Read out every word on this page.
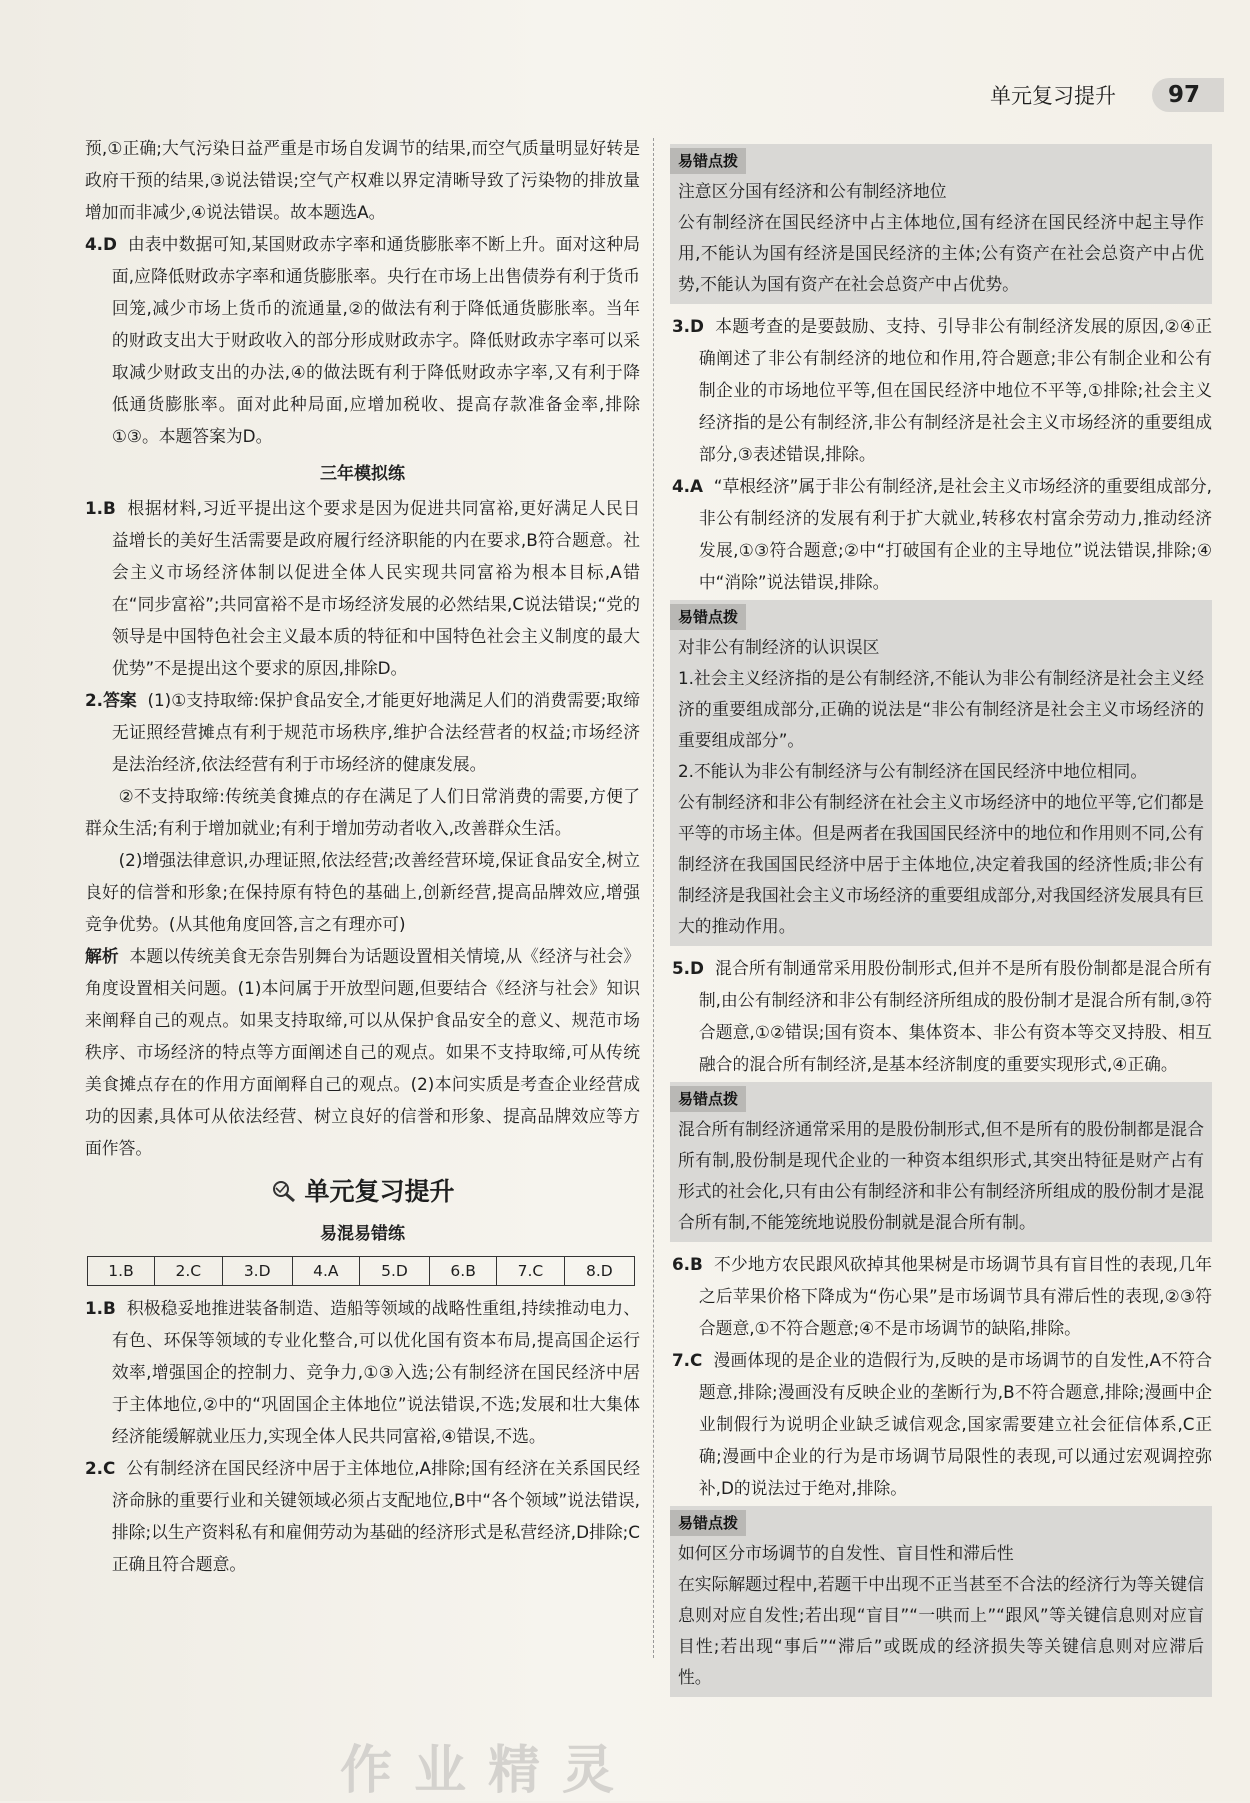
单元复习提升	97

预,①正确;大气污染日益严重是市场自发调节的结果,而空气质量明显好转是政府干预的结果,③说法错误;空气产权难以界定清晰导致了污染物的排放量增加而非减少,④说法错误。故本题选A。

4.D 由表中数据可知,某国财政赤字率和通货膨胀率不断上升。面对这种局面,应降低财政赤字率和通货膨胀率。央行在市场上出售债券有利于货币回笼,减少市场上货币的流通量,②的做法有利于降低通货膨胀率。当年的财政支出大于财政收入的部分形成财政赤字。降低财政赤字率可以采取减少财政支出的办法,④的做法既有利于降低财政赤字率,又有利于降低通货膨胀率。面对此种局面,应增加税收、提高存款准备金率,排除①③。本题答案为D。

三年模拟练

1.B 根据材料,习近平提出这个要求是因为促进共同富裕,更好满足人民日益增长的美好生活需要是政府履行经济职能的内在要求,B符合题意。社会主义市场经济体制以促进全体人民实现共同富裕为根本目标,A错在“同步富裕”;共同富裕不是市场经济发展的必然结果,C说法错误;“党的领导是中国特色社会主义最本质的特征和中国特色社会主义制度的最大优势”不是提出这个要求的原因,排除D。

2.答案 (1)①支持取缔:保护食品安全,才能更好地满足人们的消费需要;取缔无证照经营摊点有利于规范市场秩序,维护合法经营者的权益;市场经济是法治经济,依法经营有利于市场经济的健康发展。

②不支持取缔:传统美食摊点的存在满足了人们日常消费的需要,方便了群众生活;有利于增加就业;有利于增加劳动者收入,改善群众生活。

(2)增强法律意识,办理证照,依法经营;改善经营环境,保证食品安全,树立良好的信誉和形象;在保持原有特色的基础上,创新经营,提高品牌效应,增强竞争优势。(从其他角度回答,言之有理亦可)

解析 本题以传统美食无奈告别舞台为话题设置相关情境,从《经济与社会》角度设置相关问题。(1)本问属于开放型问题,但要结合《经济与社会》知识来阐释自己的观点。如果支持取缔,可以从保护食品安全的意义、规范市场秩序、市场经济的特点等方面阐述自己的观点。如果不支持取缔,可从传统美食摊点存在的作用方面阐释自己的观点。(2)本问实质是考查企业经营成功的因素,具体可从依法经营、树立良好的信誉和形象、提高品牌效应等方面作答。

单元复习提升
易混易错练
1.B	2.C	3.D	4.A	5.D	6.B	7.C	8.D

1.B 积极稳妥地推进装备制造、造船等领域的战略性重组,持续推动电力、有色、环保等领域的专业化整合,可以优化国有资本布局,提高国企运行效率,增强国企的控制力、竞争力,①③入选;公有制经济在国民经济中居于主体地位,②中的“巩固国企主体地位”说法错误,不选;发展和壮大集体经济能缓解就业压力,实现全体人民共同富裕,④错误,不选。

2.C 公有制经济在国民经济中居于主体地位,A排除;国有经济在关系国民经济命脉的重要行业和关键领域必须占支配地位,B中“各个领域”说法错误,排除;以生产资料私有和雇佣劳动为基础的经济形式是私营经济,D排除;C正确且符合题意。

易错点拨

注意区分国有经济和公有制经济地位

公有制经济在国民经济中占主体地位,国有经济在国民经济中起主导作用,不能认为国有经济是国民经济的主体;公有资产在社会总资产中占优势,不能认为国有资产在社会总资产中占优势。

3.D 本题考查的是要鼓励、支持、引导非公有制经济发展的原因,②④正确阐述了非公有制经济的地位和作用,符合题意;非公有制企业和公有制企业的市场地位平等,但在国民经济中地位不平等,①排除;社会主义经济指的是公有制经济,非公有制经济是社会主义市场经济的重要组成部分,③表述错误,排除。

4.A “草根经济”属于非公有制经济,是社会主义市场经济的重要组成部分,非公有制经济的发展有利于扩大就业,转移农村富余劳动力,推动经济发展,①③符合题意;②中“打破国有企业的主导地位”说法错误,排除;④中“消除”说法错误,排除。

易错点拨

对非公有制经济的认识误区

1.社会主义经济指的是公有制经济,不能认为非公有制经济是社会主义经济的重要组成部分,正确的说法是“非公有制经济是社会主义市场经济的重要组成部分”。

2.不能认为非公有制经济与公有制经济在国民经济中地位相同。

公有制经济和非公有制经济在社会主义市场经济中的地位平等,它们都是平等的市场主体。但是两者在我国国民经济中的地位和作用则不同,公有制经济在我国国民经济中居于主体地位,决定着我国的经济性质;非公有制经济是我国社会主义市场经济的重要组成部分,对我国经济发展具有巨大的推动作用。

5.D 混合所有制通常采用股份制形式,但并不是所有股份制都是混合所有制,由公有制经济和非公有制经济所组成的股份制才是混合所有制,③符合题意,①②错误;国有资本、集体资本、非公有资本等交叉持股、相互融合的混合所有制经济,是基本经济制度的重要实现形式,④正确。

易错点拨

混合所有制经济通常采用的是股份制形式,但不是所有的股份制都是混合所有制,股份制是现代企业的一种资本组织形式,其突出特征是财产占有形式的社会化,只有由公有制经济和非公有制经济所组成的股份制才是混合所有制,不能笼统地说股份制就是混合所有制。

6.B 不少地方农民跟风砍掉其他果树是市场调节具有盲目性的表现,几年之后苹果价格下降成为“伤心果”是市场调节具有滞后性的表现,②③符合题意,①不符合题意;④不是市场调节的缺陷,排除。

7.C 漫画体现的是企业的造假行为,反映的是市场调节的自发性,A不符合题意,排除;漫画没有反映企业的垄断行为,B不符合题意,排除;漫画中企业制假行为说明企业缺乏诚信观念,国家需要建立社会征信体系,C正确;漫画中企业的行为是市场调节局限性的表现,可以通过宏观调控弥补,D的说法过于绝对,排除。

易错点拨

如何区分市场调节的自发性、盲目性和滞后性

在实际解题过程中,若题干中出现不正当甚至不合法的经济行为等关键信息则对应自发性;若出现“盲目”“一哄而上”“跟风”等关键信息则对应盲目性;若出现“事后”“滞后”或既成的经济损失等关键信息则对应滞后性。

作业精灵
